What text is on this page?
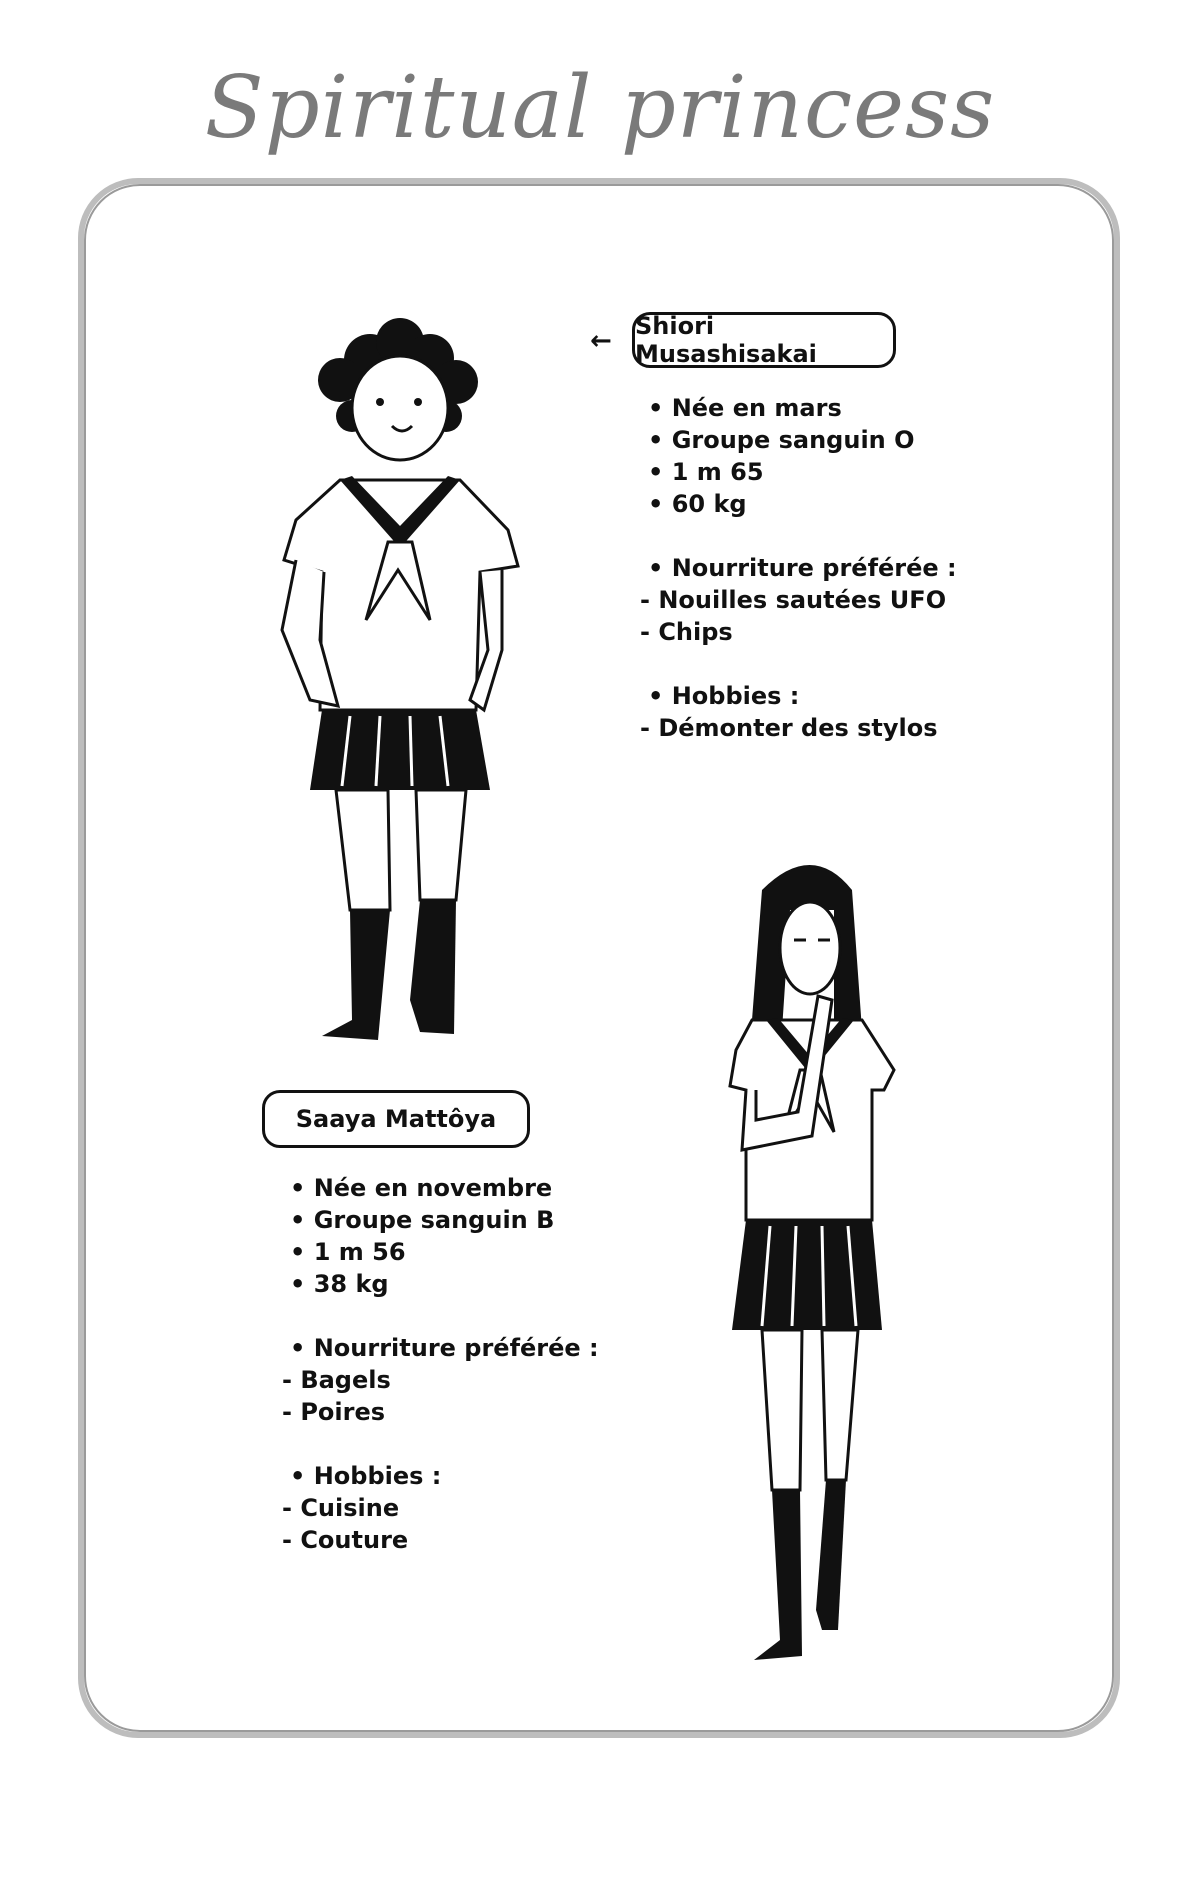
Spiritual princess
← Shiori Musashisakai
• Née en mars
• Groupe sanguin O
• 1 m 65
• 60 kg
• Nourriture préférée :
- Nouilles sautées UFO
- Chips
• Hobbies :
- Démonter des stylos
Saaya Mattôya
• Née en novembre
• Groupe sanguin B
• 1 m 56
• 38 kg
• Nourriture préférée :
- Bagels
- Poires
• Hobbies :
- Cuisine
- Couture
